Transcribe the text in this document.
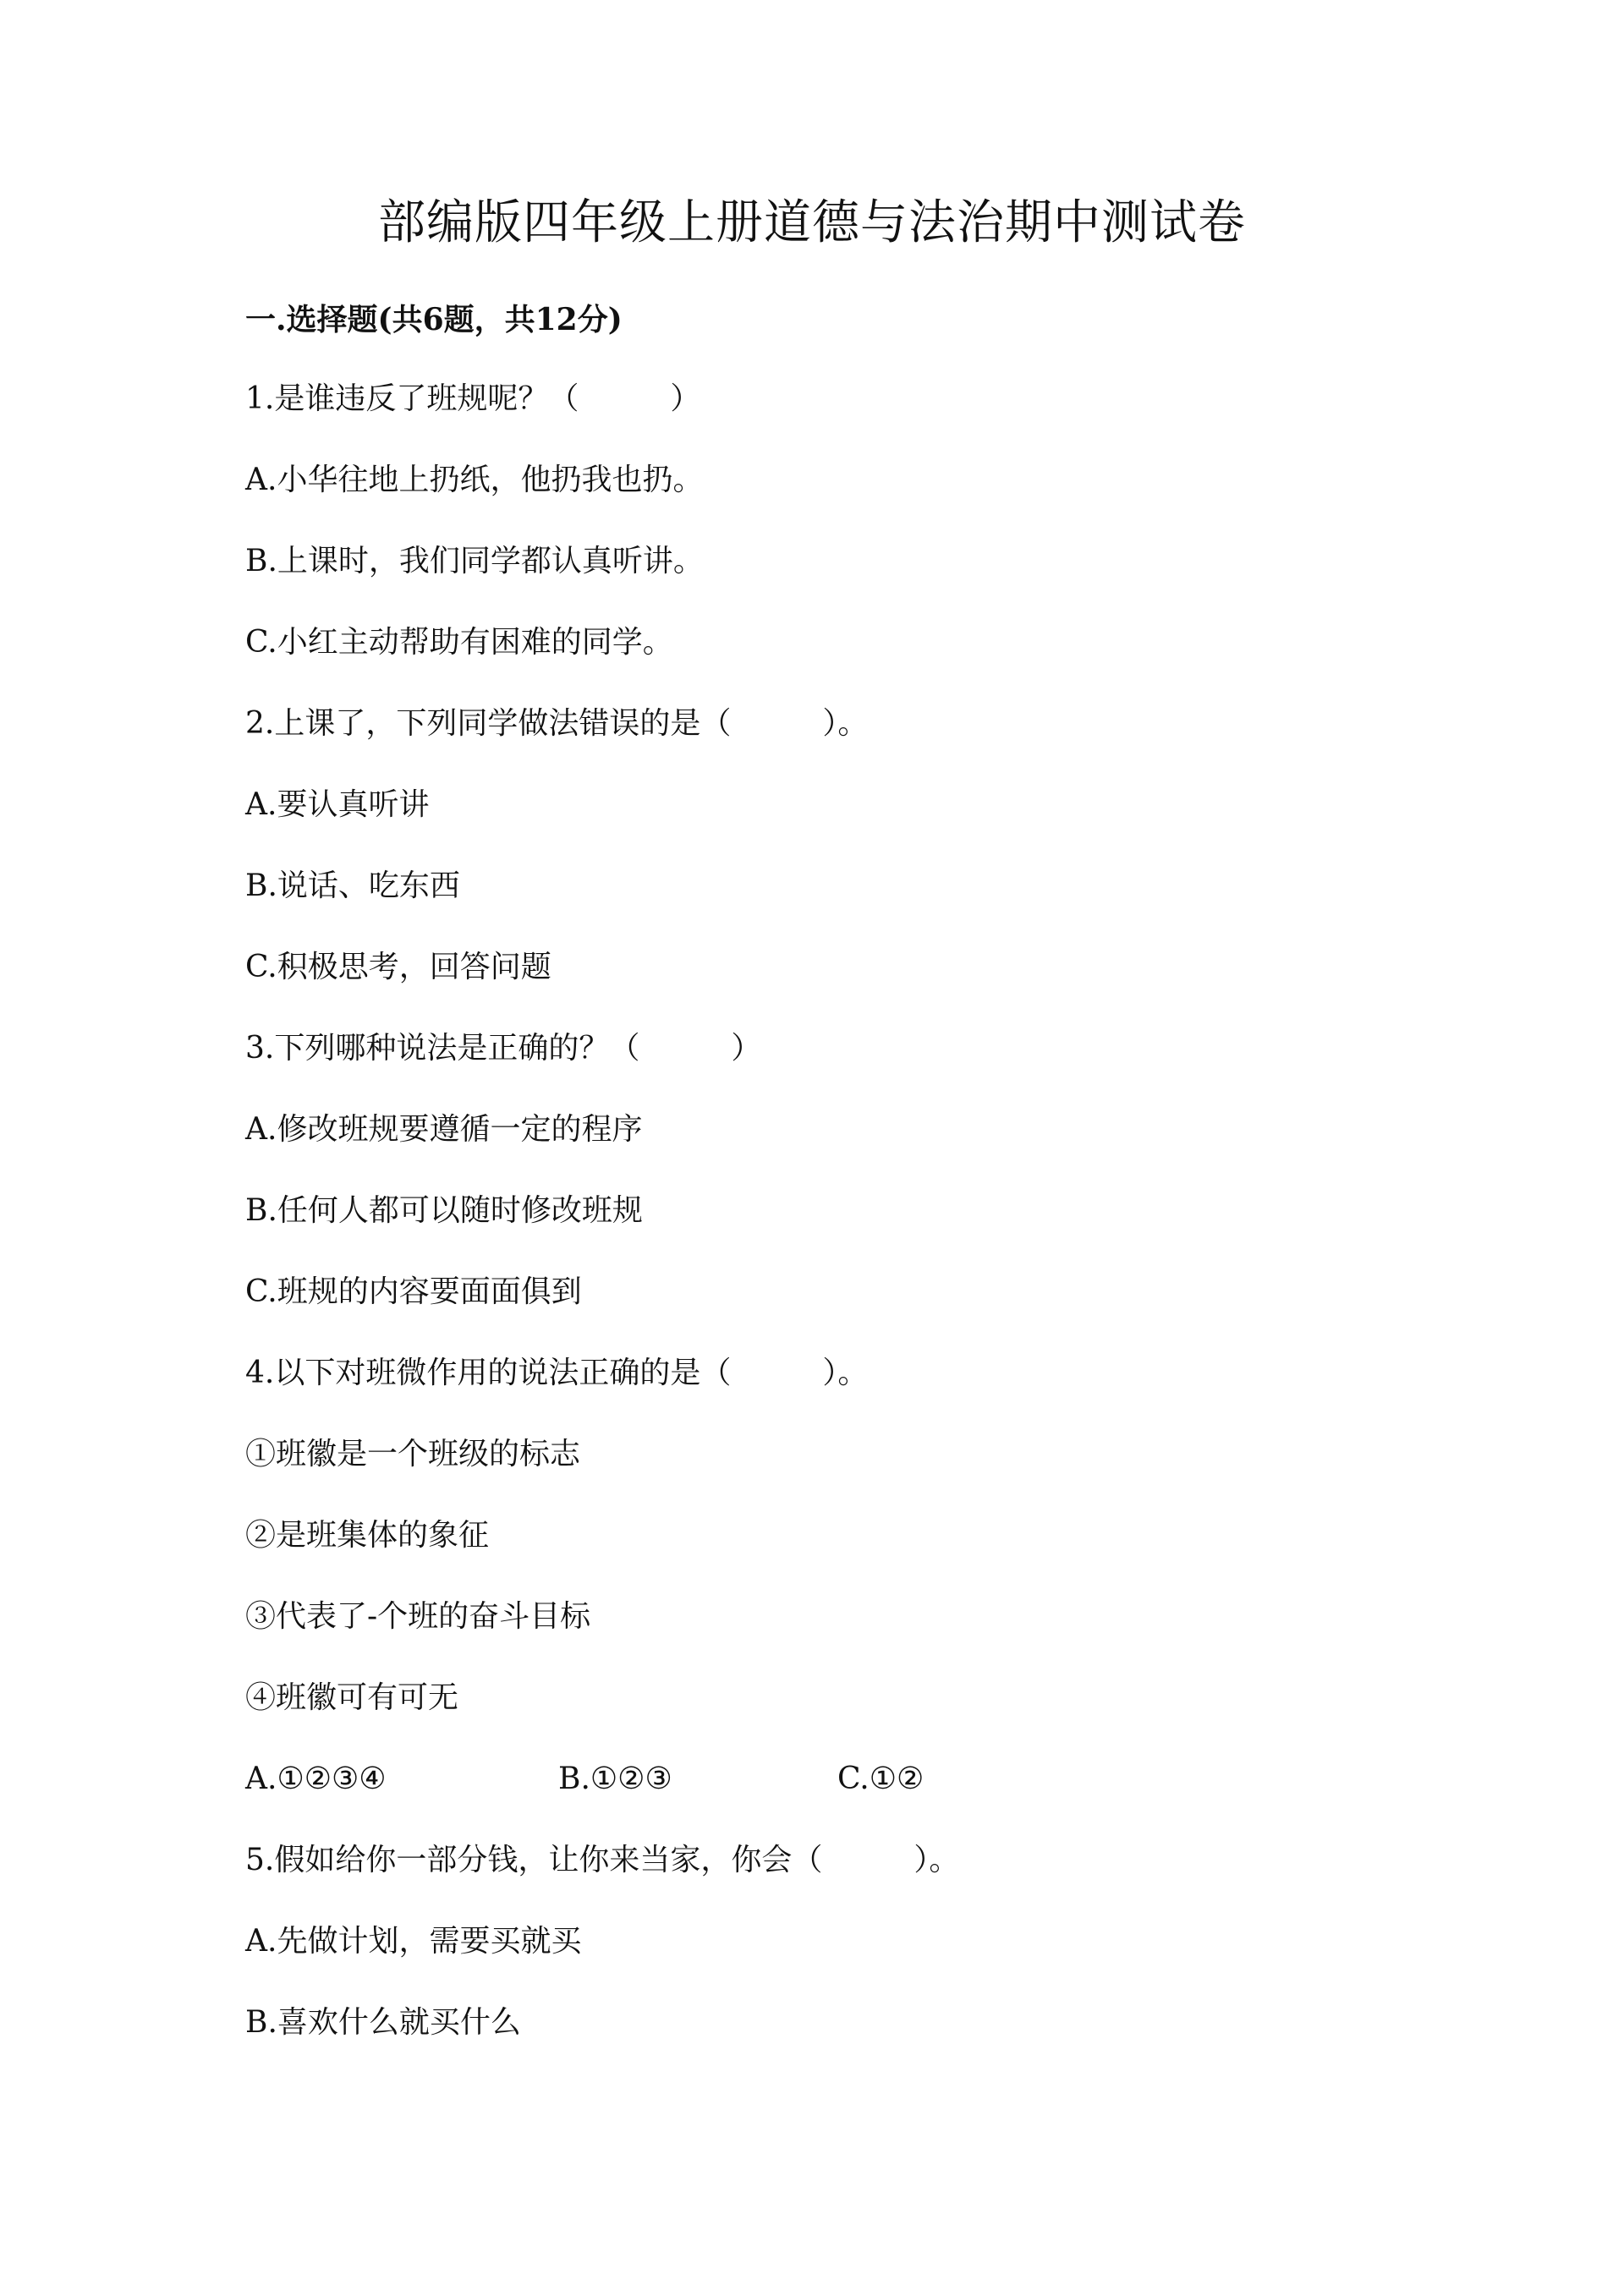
部编版四年级上册道德与法治期中测试卷
一.选择题(共6题，共12分)
1.是谁违反了班规呢？（　　　）
A.小华往地上扔纸，他扔我也扔。
B.上课时，我们同学都认真听讲。
C.小红主动帮助有困难的同学。
2.上课了，下列同学做法错误的是（　　　）。
A.要认真听讲
B.说话、吃东西
C.积极思考，回答问题
3.下列哪种说法是正确的？（　　　）
A.修改班规要遵循一定的程序
B.任何人都可以随时修改班规
C.班规的内容要面面俱到
4.以下对班微作用的说法正确的是（　　　）。
①班徽是一个班级的标志
②是班集体的象征
③代表了-个班的奋斗目标
④班徽可有可无

A.①②③④

	B.①②③

	C.①②

5.假如给你一部分钱，让你来当家，你会（　　　）。
A.先做计划，需要买就买
B.喜欢什么就买什么
